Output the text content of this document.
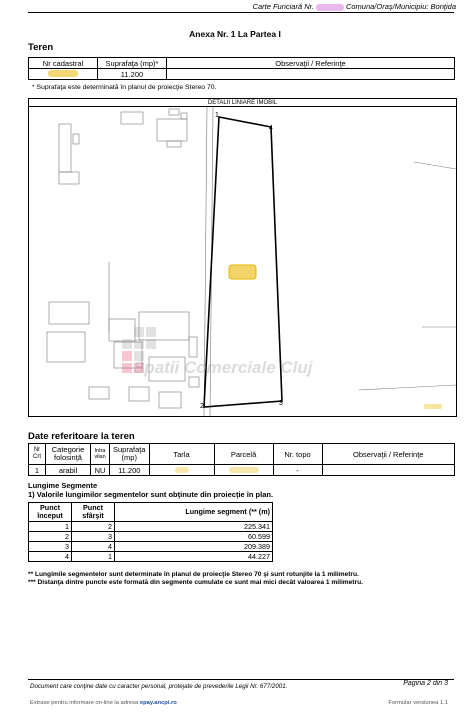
Carte Funciară Nr.	Comuna/Oraş/Municipiu: Bonţida
Anexa Nr. 1 La Partea I
Teren
Nr cadastral	Suprafaţa (mp)*	Observaţii / Referinţe
	11.200	
* Suprafaţa este determinată în planul de proiecţie Stereo 70.
DETALII LINIARE IMOBIL
Spatii Comerciale Cluj
1
2	3
4
Date referitoare la teren
Nr Crt	Categorie folosinţă	Intra vilan	Suprafaţa (mp)	Tarla	Parcelă	Nr. topo	Observaţii / Referinţe
1	arabil	NU	11.200			-	
Lungime Segmente
1) Valorile lungimilor segmentelor sunt obţinute din proiecţie în plan.
Punct început	Punct sfârşit	Lungime segment (** (m)
1	2	225.341
2	3	60.599
3	4	209.389
4	1	44.227
** Lungimile segmentelor sunt determinate în planul de proiecţie Stereo 70 şi sunt rotunjite la 1 milimetru.
*** Distanţa dintre puncte este formată din segmente cumulate ce sunt mai mici decât valoarea 1 milimetru.
Document care conţine date cu caracter personal, protejate de prevederile Legii Nr. 677/2001.	Pagina 2 din 3
Extrase pentru informare on-line la adresa epay.ancpi.ro	Formular versiunea 1.1
